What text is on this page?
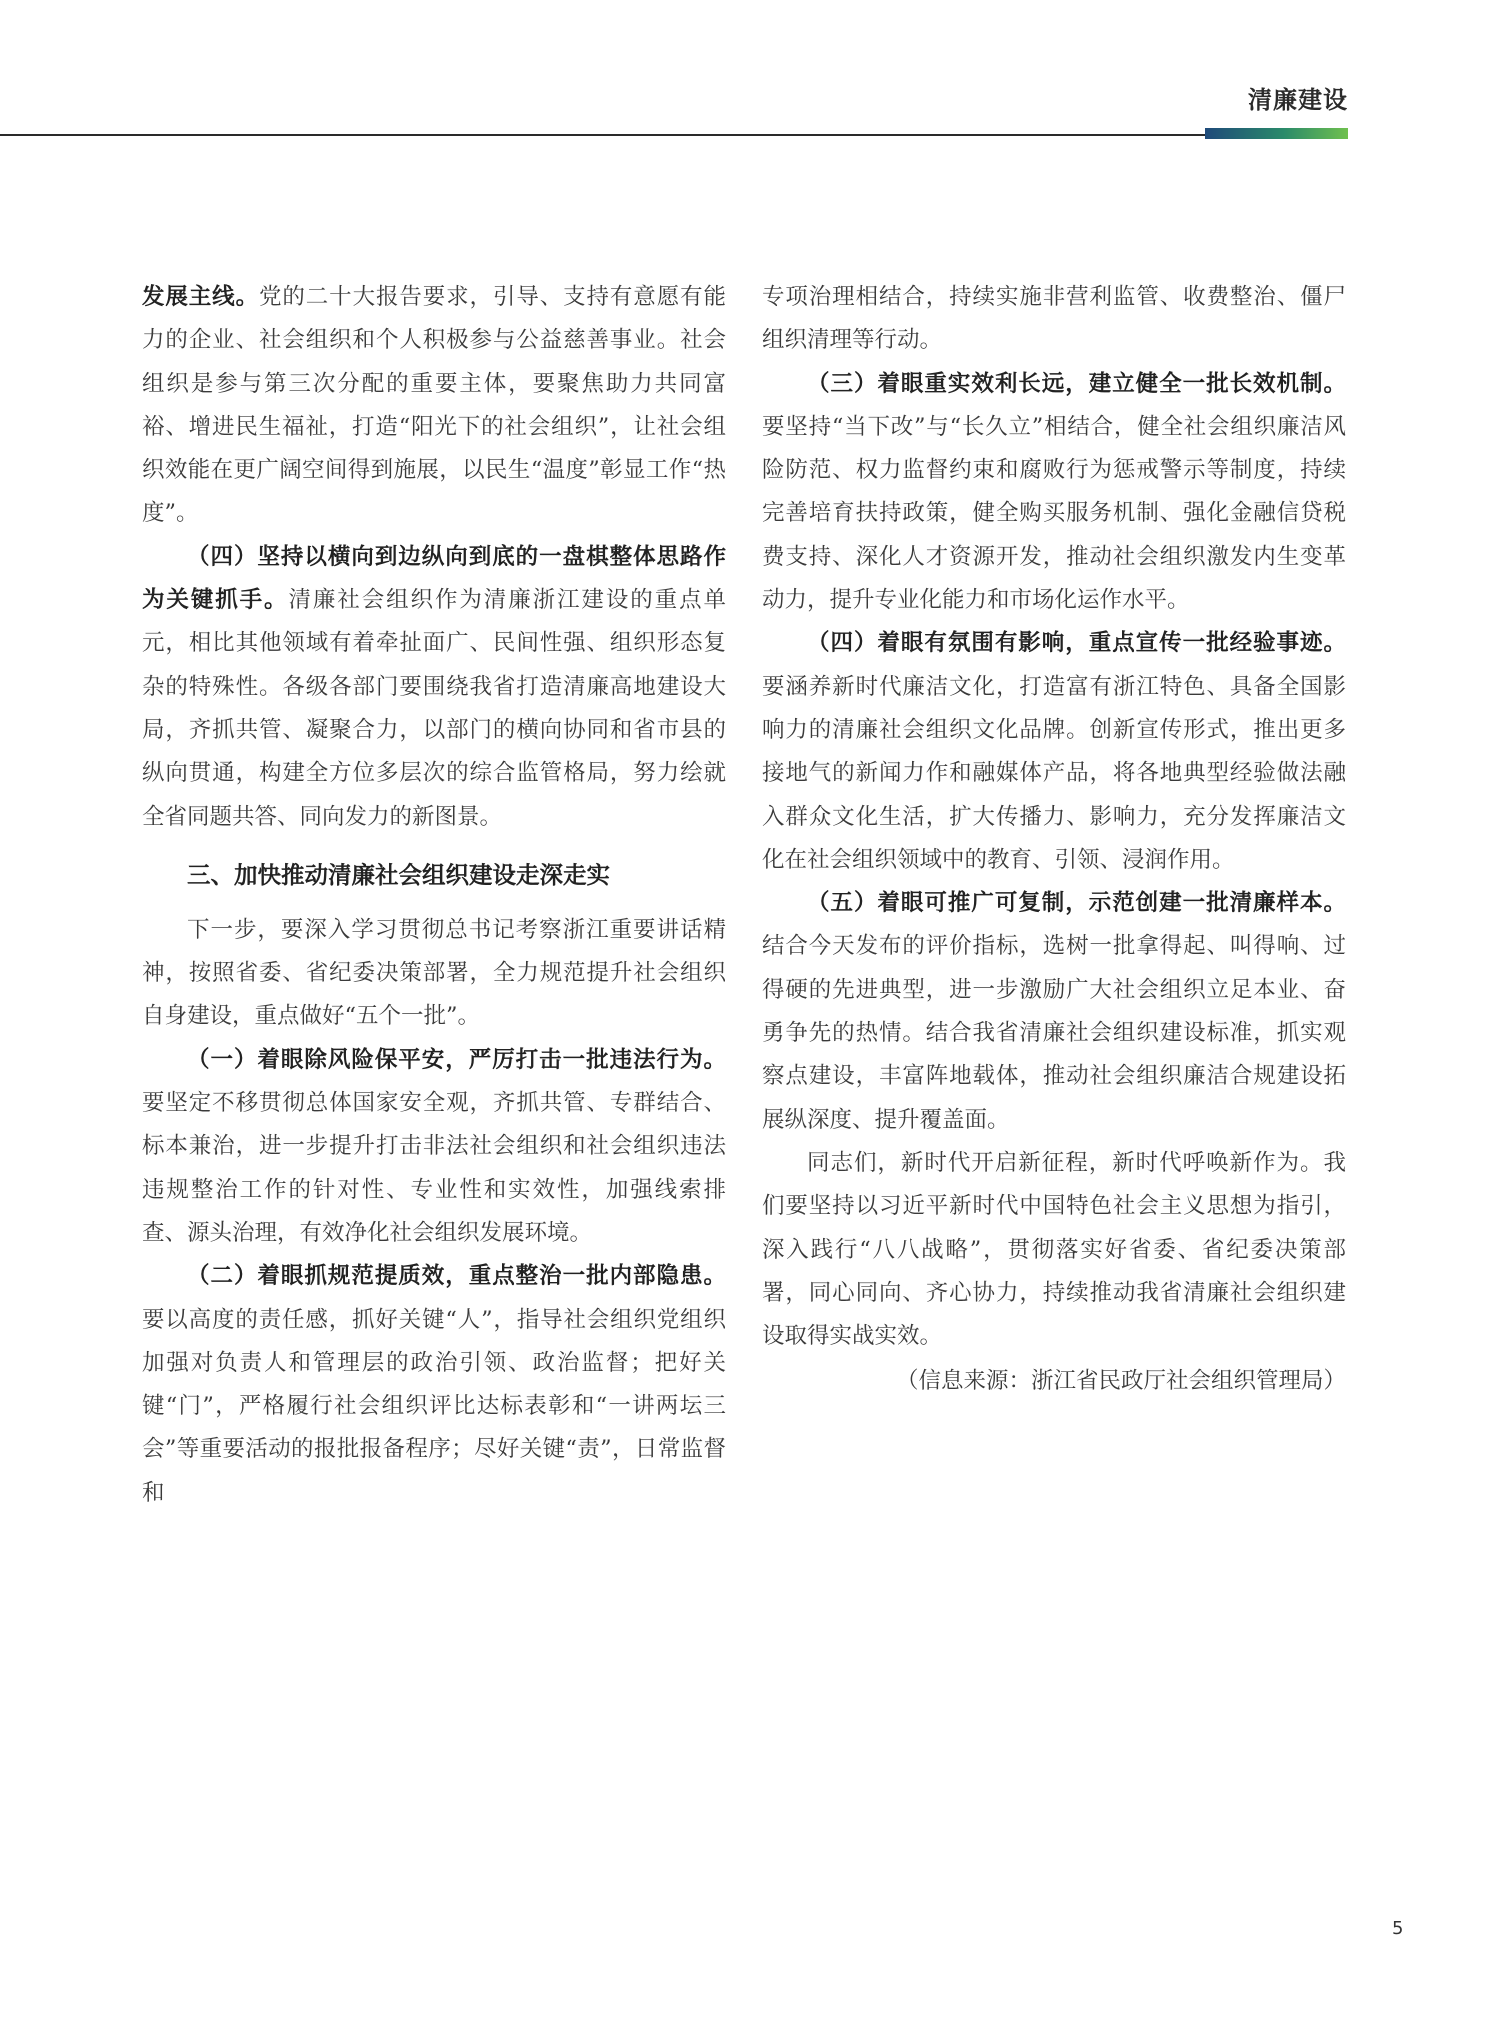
清廉建设

发展主线。党的二十大报告要求，引导、支持有意愿有能力的企业、社会组织和个人积极参与公益慈善事业。社会组织是参与第三次分配的重要主体，要聚焦助力共同富裕、增进民生福祉，打造“阳光下的社会组织”，让社会组织效能在更广阔空间得到施展，以民生“温度”彰显工作“热度”。

（四）坚持以横向到边纵向到底的一盘棋整体思路作为关键抓手。清廉社会组织作为清廉浙江建设的重点单元，相比其他领域有着牵扯面广、民间性强、组织形态复杂的特殊性。各级各部门要围绕我省打造清廉高地建设大局，齐抓共管、凝聚合力，以部门的横向协同和省市县的纵向贯通，构建全方位多层次的综合监管格局，努力绘就全省同题共答、同向发力的新图景。

三、加快推动清廉社会组织建设走深走实

下一步，要深入学习贯彻总书记考察浙江重要讲话精神，按照省委、省纪委决策部署，全力规范提升社会组织自身建设，重点做好“五个一批”。

（一）着眼除风险保平安，严厉打击一批违法行为。要坚定不移贯彻总体国家安全观，齐抓共管、专群结合、标本兼治，进一步提升打击非法社会组织和社会组织违法违规整治工作的针对性、专业性和实效性，加强线索排查、源头治理，有效净化社会组织发展环境。

（二）着眼抓规范提质效，重点整治一批内部隐患。要以高度的责任感，抓好关键“人”，指导社会组织党组织加强对负责人和管理层的政治引领、政治监督；把好关键“门”，严格履行社会组织评比达标表彰和“一讲两坛三会”等重要活动的报批报备程序；尽好关键“责”，日常监督和

专项治理相结合，持续实施非营利监管、收费整治、僵尸组织清理等行动。

（三）着眼重实效利长远，建立健全一批长效机制。要坚持“当下改”与“长久立”相结合，健全社会组织廉洁风险防范、权力监督约束和腐败行为惩戒警示等制度，持续完善培育扶持政策，健全购买服务机制、强化金融信贷税费支持、深化人才资源开发，推动社会组织激发内生变革动力，提升专业化能力和市场化运作水平。

（四）着眼有氛围有影响，重点宣传一批经验事迹。要涵养新时代廉洁文化，打造富有浙江特色、具备全国影响力的清廉社会组织文化品牌。创新宣传形式，推出更多接地气的新闻力作和融媒体产品，将各地典型经验做法融入群众文化生活，扩大传播力、影响力，充分发挥廉洁文化在社会组织领域中的教育、引领、浸润作用。

（五）着眼可推广可复制，示范创建一批清廉样本。结合今天发布的评价指标，选树一批拿得起、叫得响、过得硬的先进典型，进一步激励广大社会组织立足本业、奋勇争先的热情。结合我省清廉社会组织建设标准，抓实观察点建设，丰富阵地载体，推动社会组织廉洁合规建设拓展纵深度、提升覆盖面。

同志们，新时代开启新征程，新时代呼唤新作为。我们要坚持以习近平新时代中国特色社会主义思想为指引，深入践行“八八战略”，贯彻落实好省委、省纪委决策部署，同心同向、齐心协力，持续推动我省清廉社会组织建设取得实战实效。

（信息来源：浙江省民政厅社会组织管理局）

5
